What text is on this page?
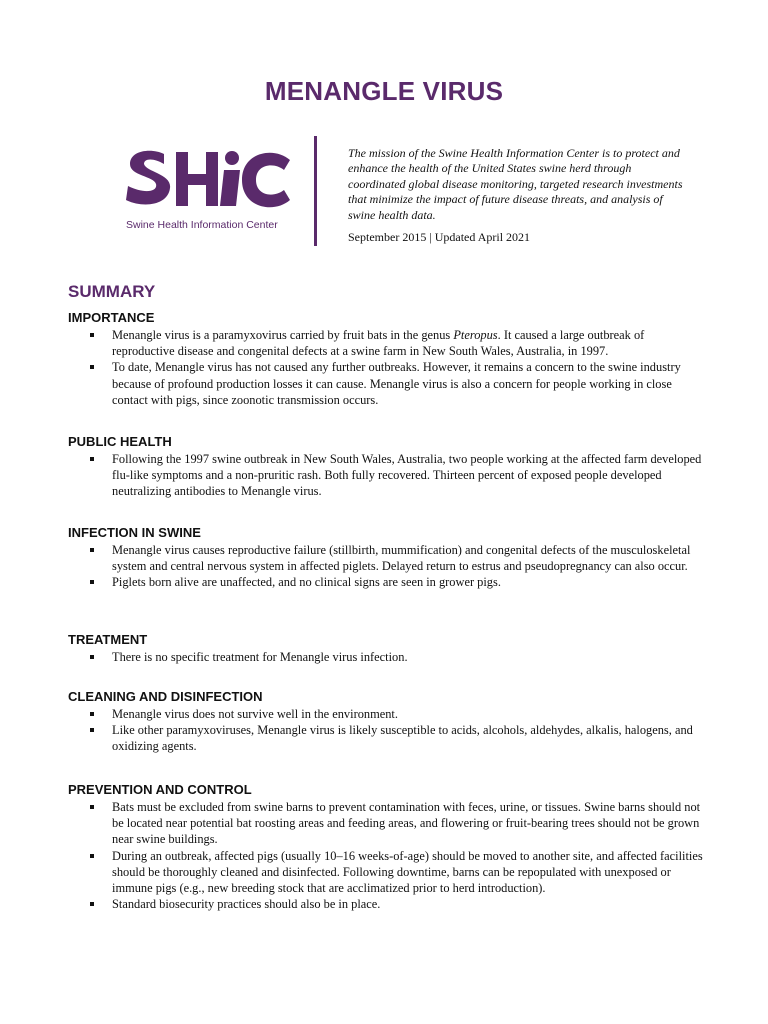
MENANGLE VIRUS
Swine Health Information Center
The mission of the Swine Health Information Center is to protect and enhance the health of the United States swine herd through coordinated global disease monitoring, targeted research investments that minimize the impact of future disease threats, and analysis of swine health data.
September 2015 | Updated April 2021
SUMMARY
IMPORTANCE
Menangle virus is a paramyxovirus carried by fruit bats in the genus Pteropus. It caused a large outbreak of reproductive disease and congenital defects at a swine farm in New South Wales, Australia, in 1997.
To date, Menangle virus has not caused any further outbreaks. However, it remains a concern to the swine industry because of profound production losses it can cause. Menangle virus is also a concern for people working in close contact with pigs, since zoonotic transmission occurs.
PUBLIC HEALTH
Following the 1997 swine outbreak in New South Wales, Australia, two people working at the affected farm developed flu-like symptoms and a non-pruritic rash. Both fully recovered. Thirteen percent of exposed people developed neutralizing antibodies to Menangle virus.
INFECTION IN SWINE
Menangle virus causes reproductive failure (stillbirth, mummification) and congenital defects of the musculoskeletal system and central nervous system in affected piglets. Delayed return to estrus and pseudopregnancy can also occur.
Piglets born alive are unaffected, and no clinical signs are seen in grower pigs.
TREATMENT
There is no specific treatment for Menangle virus infection.
CLEANING AND DISINFECTION
Menangle virus does not survive well in the environment.
Like other paramyxoviruses, Menangle virus is likely susceptible to acids, alcohols, aldehydes, alkalis, halogens, and oxidizing agents.
PREVENTION AND CONTROL
Bats must be excluded from swine barns to prevent contamination with feces, urine, or tissues. Swine barns should not be located near potential bat roosting areas and feeding areas, and flowering or fruit-bearing trees should not be grown near swine buildings.
During an outbreak, affected pigs (usually 10–16 weeks-of-age) should be moved to another site, and affected facilities should be thoroughly cleaned and disinfected. Following downtime, barns can be repopulated with unexposed or immune pigs (e.g., new breeding stock that are acclimatized prior to herd introduction).
Standard biosecurity practices should also be in place.
